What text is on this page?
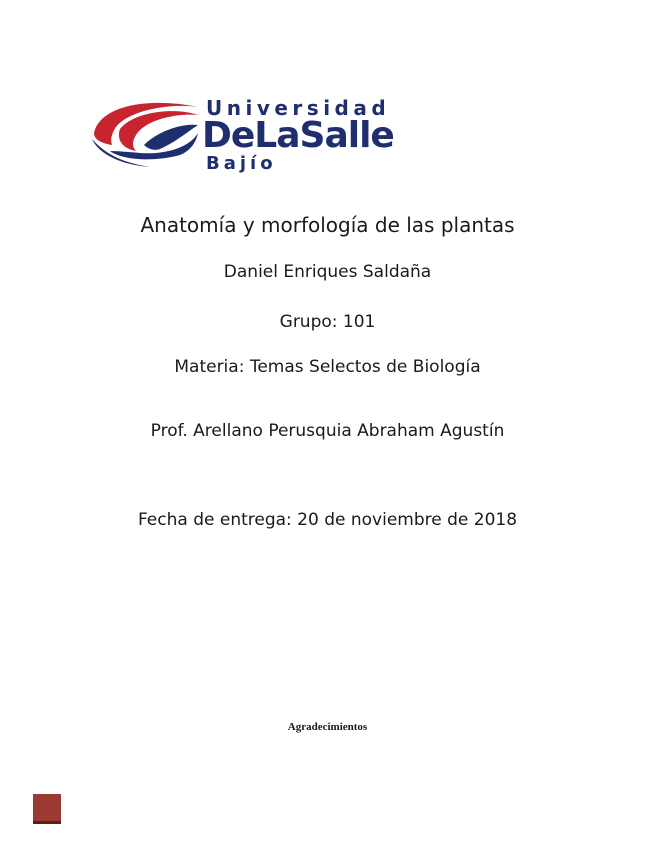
Universidad
DeLaSalle
Bajío
Anatomía y morfología de las plantas
Daniel Enriques Saldaña
Grupo: 101
Materia: Temas Selectos de Biología
Prof. Arellano Perusquia Abraham Agustín
Fecha de entrega: 20 de noviembre de 2018
Agradecimientos
